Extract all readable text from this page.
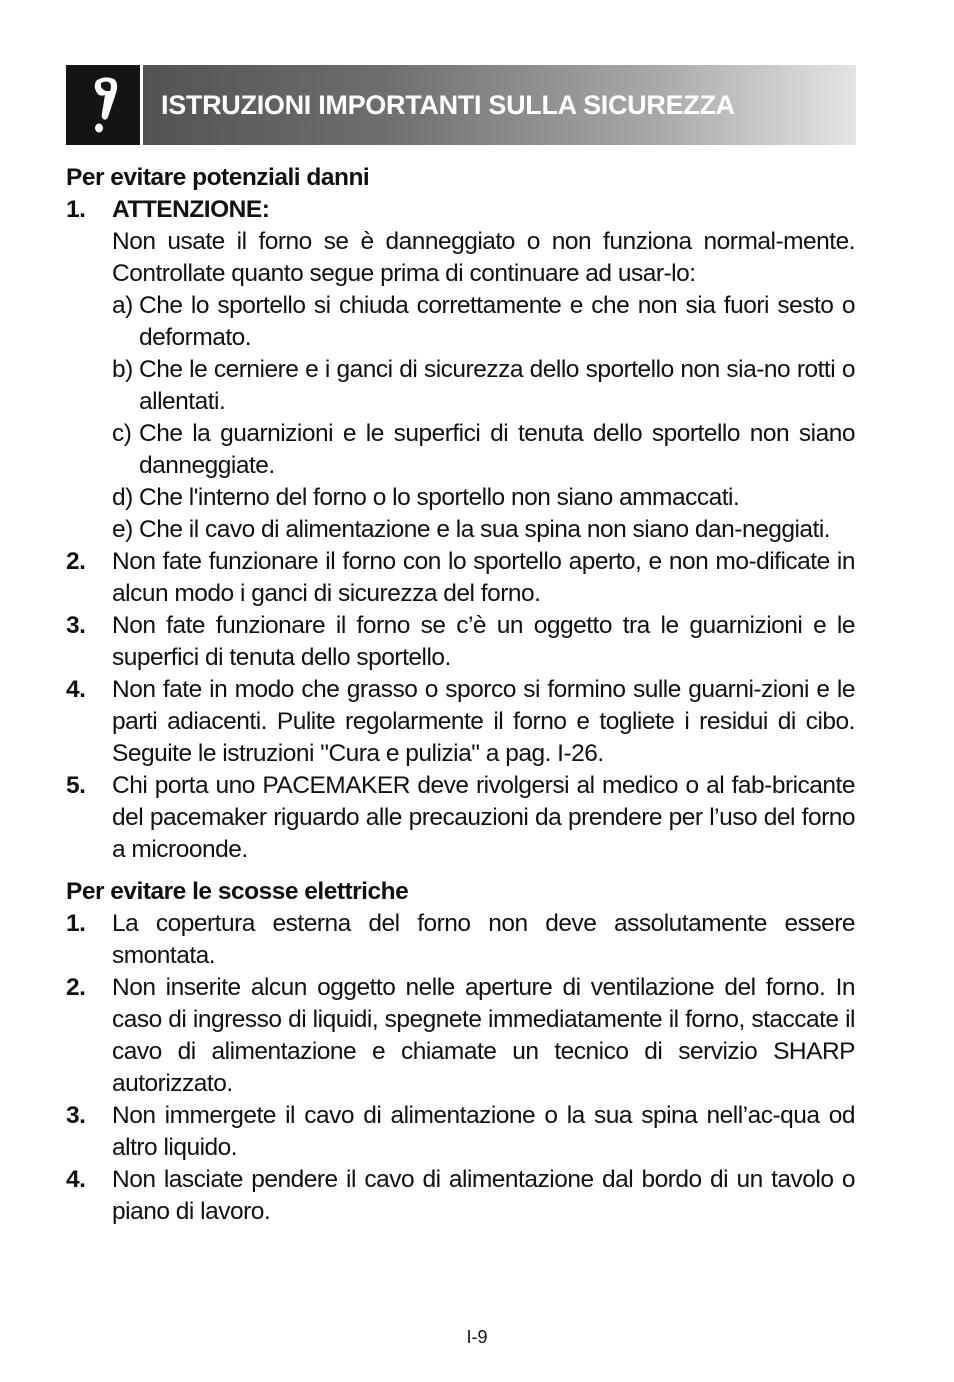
ISTRUZIONI IMPORTANTI SULLA SICUREZZA
Per evitare potenziali danni
1. ATTENZIONE:
Non usate il forno se è danneggiato o non funziona normal-mente. Controllate quanto segue prima di continuare ad usar-lo:
a) Che lo sportello si chiuda correttamente e che non sia fuori sesto o deformato.
b) Che le cerniere e i ganci di sicurezza dello sportello non sia-no rotti o allentati.
c) Che la guarnizioni e le superfici di tenuta dello sportello non siano danneggiate.
d) Che l'interno del forno o lo sportello non siano ammaccati.
e) Che il cavo di alimentazione e la sua spina non siano dan-neggiati.
2. Non fate funzionare il forno con lo sportello aperto, e non mo-dificate in alcun modo i ganci di sicurezza del forno.
3. Non fate funzionare il forno se c’è un oggetto tra le guarnizioni e le superfici di tenuta dello sportello.
4. Non fate in modo che grasso o sporco si formino sulle guarni-zioni e le parti adiacenti. Pulite regolarmente il forno e togliete i residui di cibo. Seguite le istruzioni "Cura e pulizia" a pag. I-26.
5. Chi porta uno PACEMAKER deve rivolgersi al medico o al fab-bricante del pacemaker riguardo alle precauzioni da prendere per l’uso del forno a microonde.
Per evitare le scosse elettriche
1. La copertura esterna del forno non deve assolutamente essere smontata.
2. Non inserite alcun oggetto nelle aperture di ventilazione del forno. In caso di ingresso di liquidi, spegnete immediatamente il forno, staccate il cavo di alimentazione e chiamate un tecnico di servizio SHARP autorizzato.
3. Non immergete il cavo di alimentazione o la sua spina nell’ac-qua od altro liquido.
4. Non lasciate pendere il cavo di alimentazione dal bordo di un tavolo o piano di lavoro.
I-9
